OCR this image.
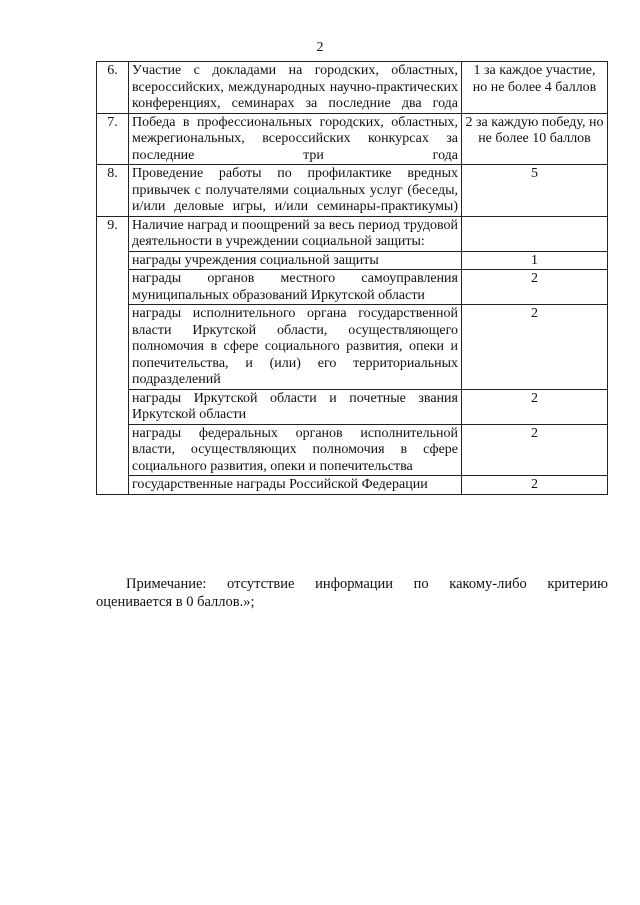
2
6.	Участие с докладами на городских, областных, всероссийских, международных научно-практических конференциях, семинарах за последние два года	1 за каждое участие, но не более 4 баллов
7.	Победа в профессиональных городских, областных, межрегиональных, всероссийских конкурсах за последние три года	2 за каждую победу, но не более 10 баллов
8.	Проведение работы по профилактике вредных привычек с получателями социальных услуг (беседы, и/или деловые игры, и/или семинары-практикумы)	5
9.	Наличие наград и поощрений за весь период трудовой деятельности в учреждении социальной защиты:	
	награды учреждения социальной защиты	1
	награды органов местного самоуправления муниципальных образований Иркутской области	2
	награды исполнительного органа государственной власти Иркутской области, осуществляющего полномочия в сфере социального развития, опеки и попечительства, и (или) его территориальных подразделений	2
	награды Иркутской области и почетные звания Иркутской области	2
	награды федеральных органов исполнительной власти, осуществляющих полномочия в сфере социального развития, опеки и попечительства	2
	государственные награды Российской Федерации	2

Примечание: отсутствие информации по какому-либо критерию

оценивается в 0 баллов.»;
